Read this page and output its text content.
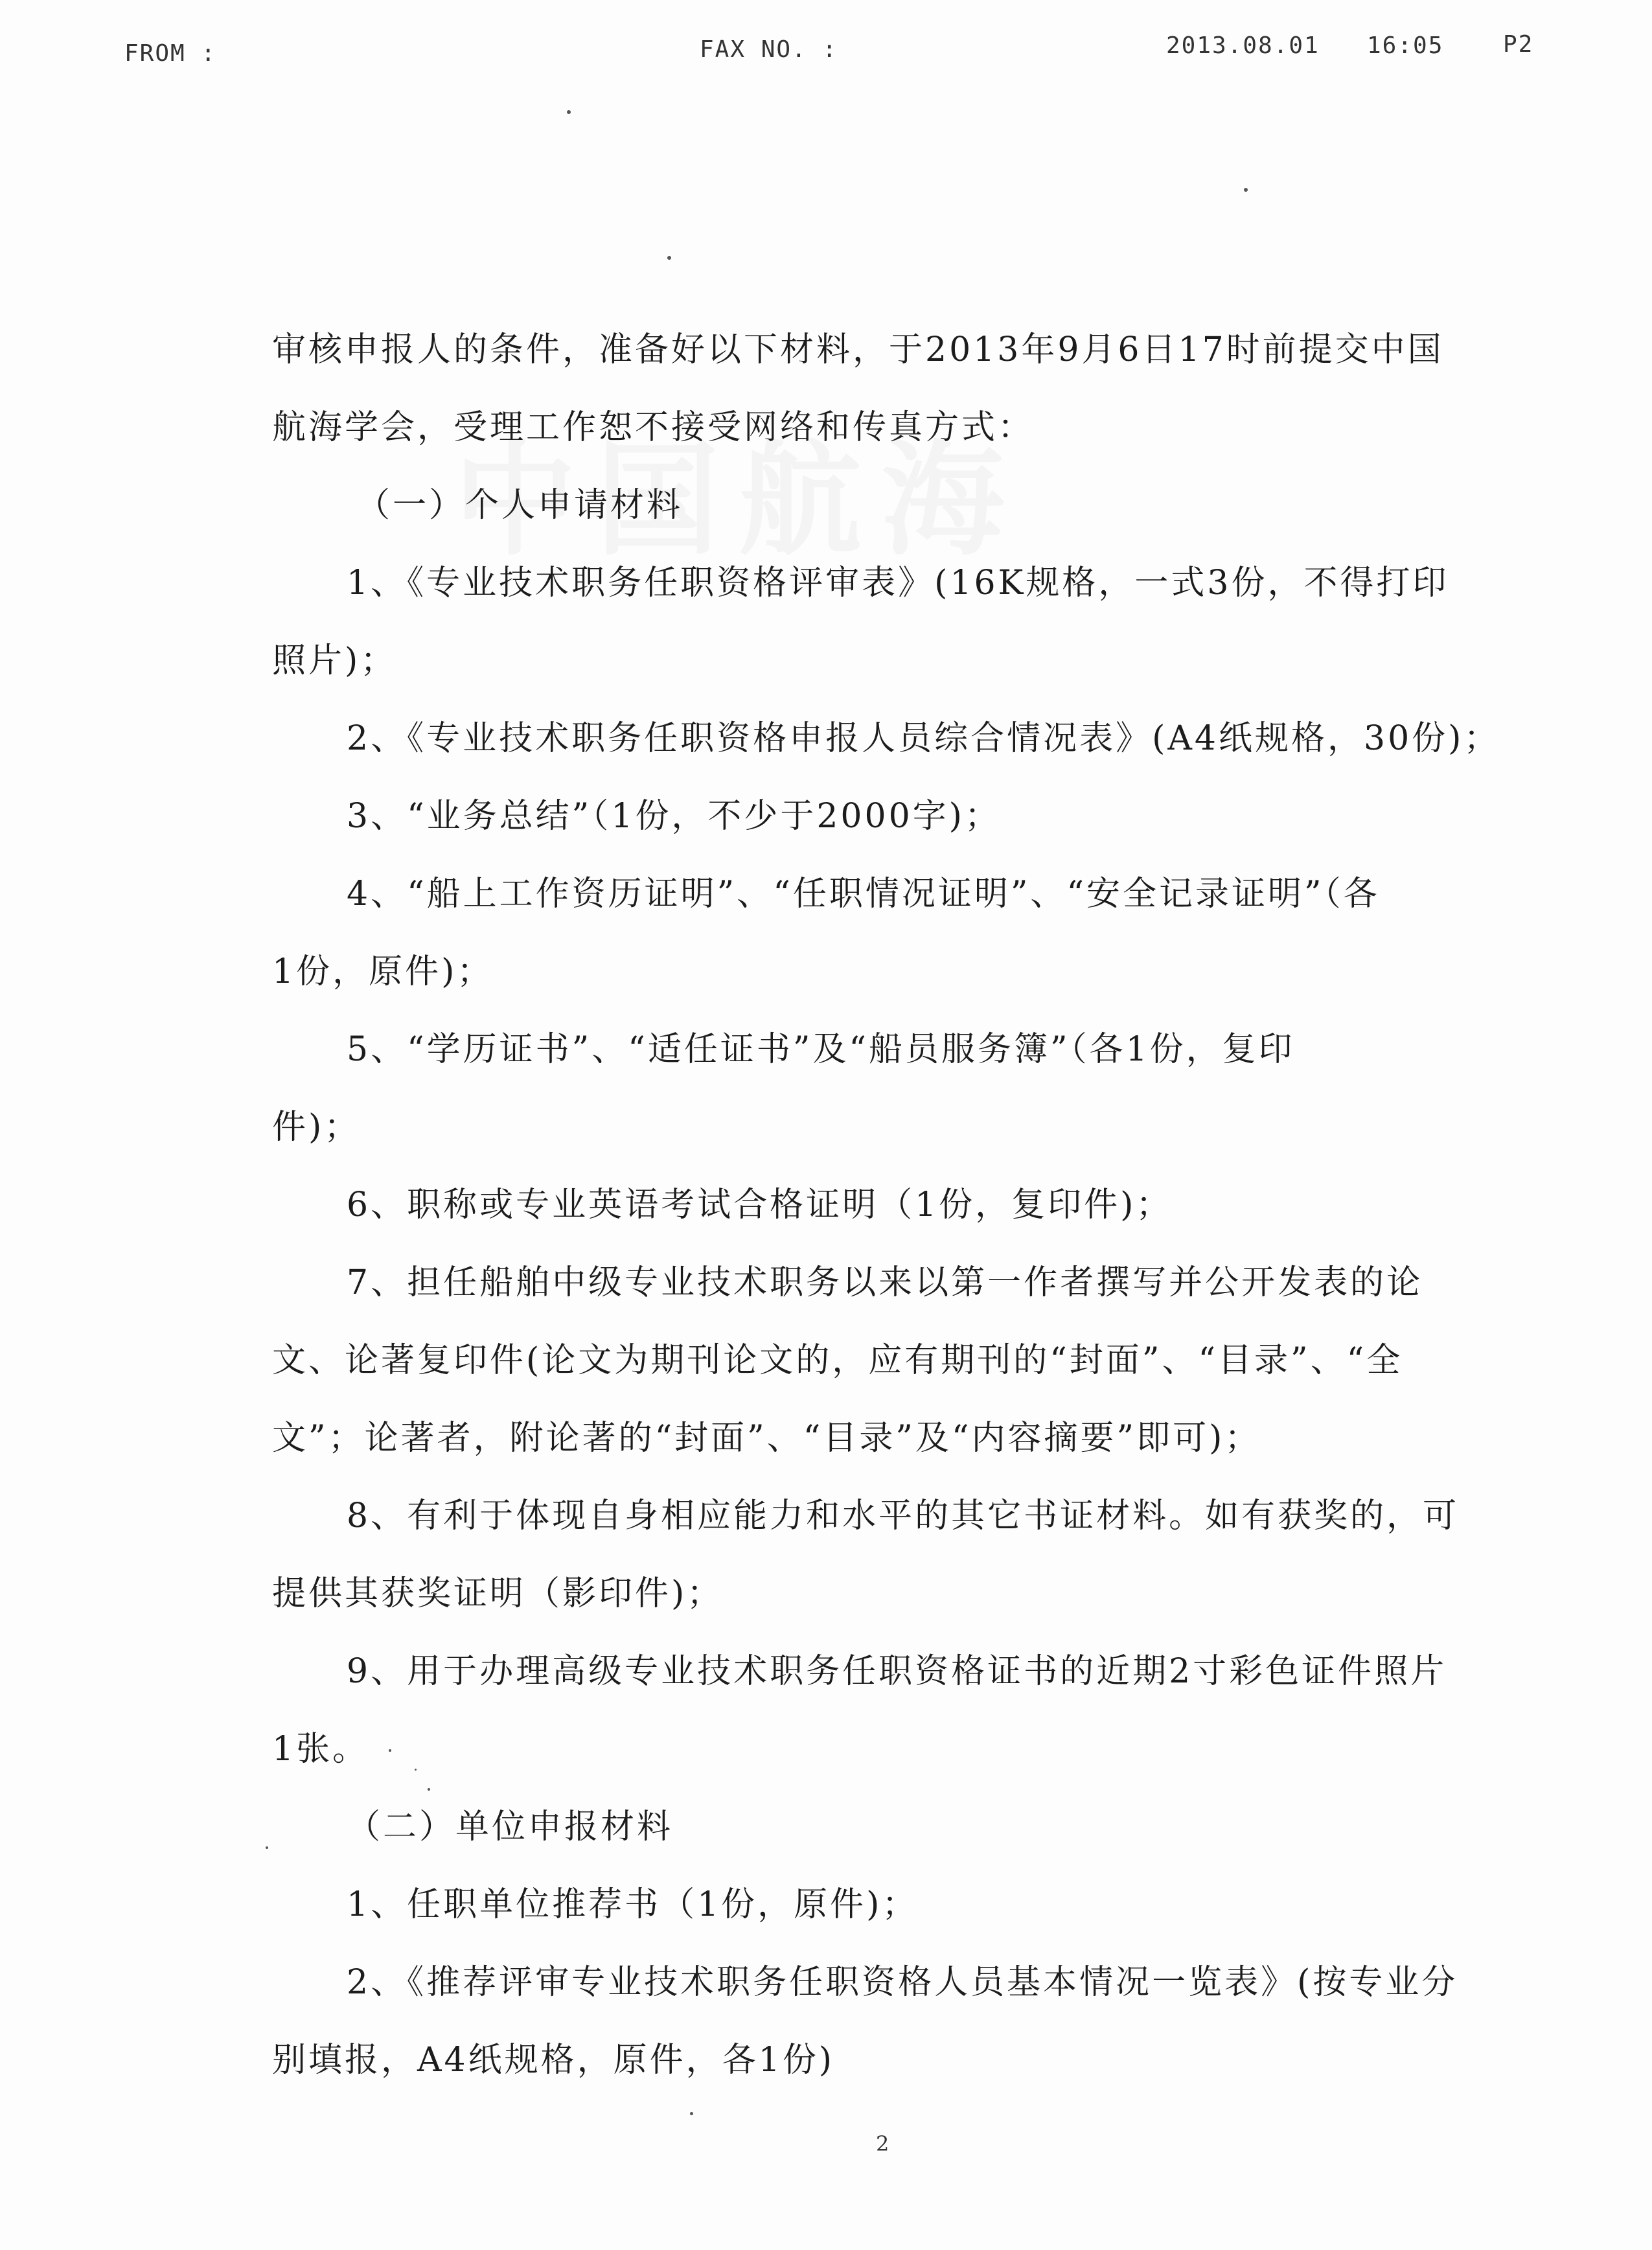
FROM :	FAX NO. :	2013.08.01 16:05	P2
审核申报人的条件，准备好以下材料，于2013年9月6日17时前提交中国
航海学会，受理工作恕不接受网络和传真方式：
（一）个人申请材料
1、《专业技术职务任职资格评审表》(16K规格，一式3份，不得打印
照片)；
2、《专业技术职务任职资格申报人员综合情况表》(A4纸规格，30份)；
3、“业务总结”（1份，不少于2000字)；
4、“船上工作资历证明”、“任职情况证明”、“安全记录证明”（各
1份，原件)；
5、“学历证书”、“适任证书”及“船员服务簿”（各1份，复印
件)；
6、职称或专业英语考试合格证明（1份，复印件)；
7、担任船舶中级专业技术职务以来以第一作者撰写并公开发表的论
文、论著复印件(论文为期刊论文的，应有期刊的“封面”、“目录”、“全
文”；论著者，附论著的“封面”、“目录”及“内容摘要”即可)；
8、有利于体现自身相应能力和水平的其它书证材料。如有获奖的，可
提供其获奖证明（影印件)；
9、用于办理高级专业技术职务任职资格证书的近期2寸彩色证件照片
1张。
（二）单位申报材料
1、任职单位推荐书（1份，原件)；
2、《推荐评审专业技术职务任职资格人员基本情况一览表》(按专业分
别填报，A4纸规格，原件，各1份)
2
